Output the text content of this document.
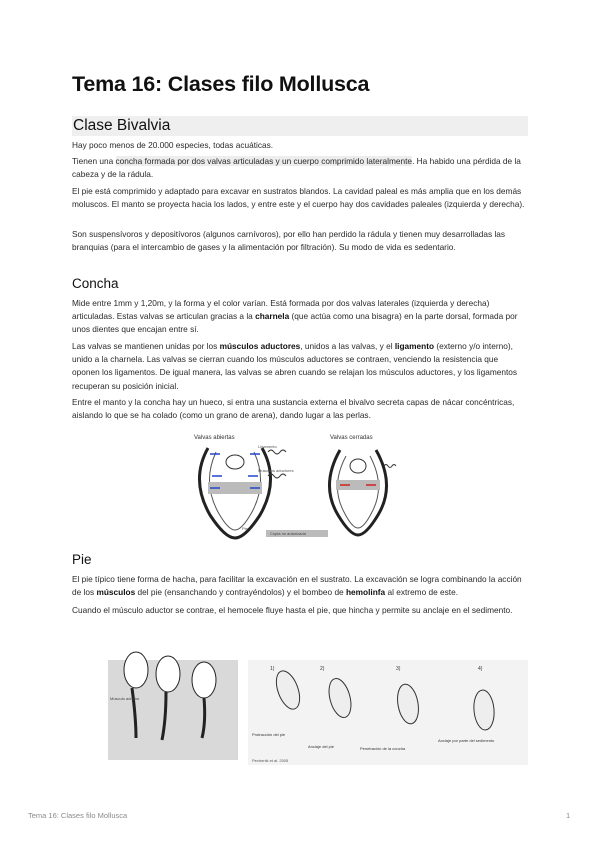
Tema 16: Clases filo Mollusca
Clase Bivalvia

Hay poco menos de 20.000 especies, todas acuáticas.

Tienen una concha formada por dos valvas articuladas y un cuerpo comprimido lateralmente. Ha habido una pérdida de la cabeza y de la rádula.

El pie está comprimido y adaptado para excavar en sustratos blandos. La cavidad paleal es más amplia que en los demás moluscos. El manto se proyecta hacia los lados, y entre este y el cuerpo hay dos cavidades paleales (izquierda y derecha).

Son suspensívoros y depositívoros (algunos carnívoros), por ello han perdido la rádula y tienen muy desarrolladas las branquias (para el intercambio de gases y la alimentación por filtración). Su modo de vida es sedentario.

Concha

Mide entre 1mm y 1,20m, y la forma y el color varían. Está formada por dos valvas laterales (izquierda y derecha) articuladas. Estas valvas se articulan gracias a la charnela (que actúa como una bisagra) en la parte dorsal, formada por unos dientes que encajan entre sí.

Las valvas se mantienen unidas por los músculos aductores, unidos a las valvas, y el ligamento (externo y/o interno), unido a la charnela. Las valvas se cierran cuando los músculos aductores se contraen, venciendo la resistencia que oponen los ligamentos. De igual manera, las valvas se abren cuando se relajan los músculos aductores, y los ligamentos recuperan su posición inicial.

Entre el manto y la concha hay un hueco, si entra una sustancia externa el bivalvo secreta capas de nácar concéntricas, aislando lo que se ha colado (como un grano de arena), dando lugar a las perlas.

Valvas abiertas	Valvas cerradas
Ligamento
Músculos aductores
Pie
Copia no autorizada
Pie

El pie típico tiene forma de hacha, para facilitar la excavación en el sustrato. La excavación se logra combinando la acción de los músculos del pie (ensanchando y contrayéndolos) y el bombeo de hemolinfa al extremo de este.

Cuando el músculo aductor se contrae, el hemocele fluye hasta el pie, que hincha y permite su anclaje en el sedimento.

Músculo aductor
1)	2)	3)	4)
Protracción del pie
Anclaje del pie	Penetración de la concha
Anclaje por parte del sedimento
Pechenik et al. 2005
Tema 16: Clases filo Mollusca	1
